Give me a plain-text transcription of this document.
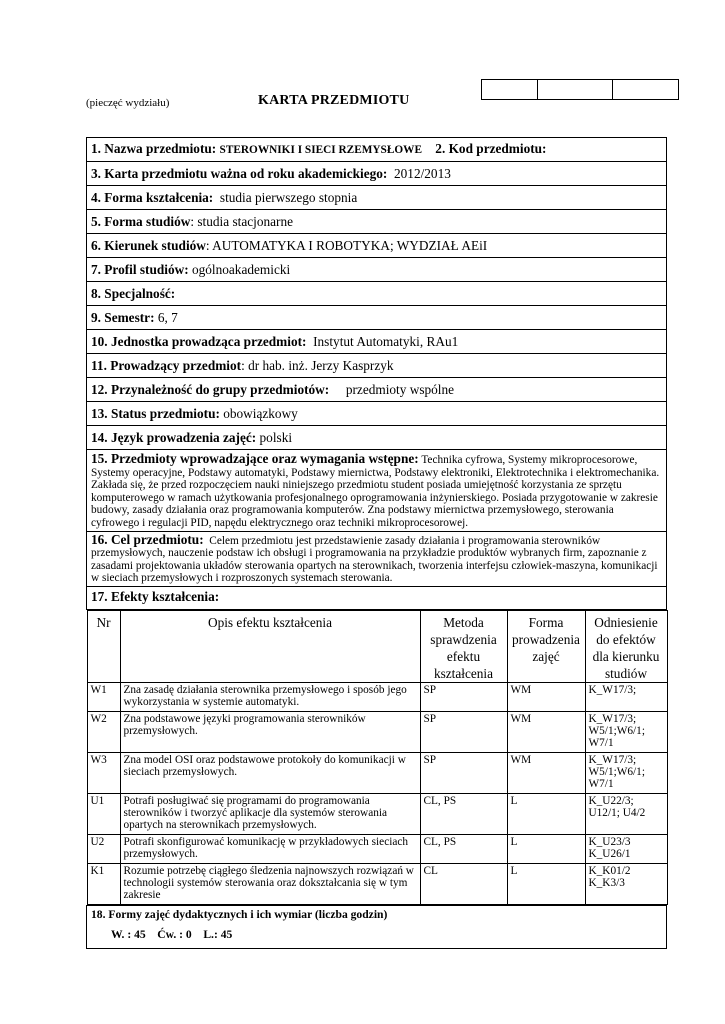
(pieczęć wydziału)	KARTA PRZEDMIOTU
1. Nazwa przedmiotu: STEROWNIKI I SIECI RZEMYSŁOWE 2. Kod przedmiotu:
3. Karta przedmiotu ważna od roku akademickiego: 2012/2013
4. Forma kształcenia: studia pierwszego stopnia
5. Forma studiów: studia stacjonarne
6. Kierunek studiów: AUTOMATYKA I ROBOTYKA; WYDZIAŁ AEiI
7. Profil studiów: ogólnoakademicki
8. Specjalność:
9. Semestr: 6, 7
10. Jednostka prowadząca przedmiot: Instytut Automatyki, RAu1
11. Prowadzący przedmiot: dr hab. inż. Jerzy Kasprzyk
12. Przynależność do grupy przedmiotów: przedmioty wspólne
13. Status przedmiotu: obowiązkowy
14. Język prowadzenia zajęć: polski

15. Przedmioty wprowadzające oraz wymagania wstępne: Technika cyfrowa, Systemy mikroprocesorowe, Systemy operacyjne, Podstawy automatyki, Podstawy miernictwa, Podstawy elektroniki, Elektrotechnika i elektromechanika. Zakłada się, że przed rozpoczęciem nauki niniejszego przedmiotu student posiada umiejętność korzystania ze sprzętu komputerowego w ramach użytkowania profesjonalnego oprogramowania inżynierskiego. Posiada przygotowanie w zakresie budowy, zasady działania oraz programowania komputerów. Zna podstawy miernictwa przemysłowego, sterowania cyfrowego i regulacji PID, napędu elektrycznego oraz techniki mikroprocesorowej.

16. Cel przedmiotu: Celem przedmiotu jest przedstawienie zasady działania i programowania sterowników przemysłowych, nauczenie podstaw ich obsługi i programowania na przykładzie produktów wybranych firm, zapoznanie z zasadami projektowania układów sterowania opartych na sterownikach, tworzenia interfejsu człowiek-maszyna, komunikacji w sieciach przemysłowych i rozproszonych systemach sterowania.

17. Efekty kształcenia:

Nr	Opis efektu kształcenia	Metoda sprawdzenia efektu kształcenia	Forma prowadzenia zajęć	Odniesienie do efektów dla kierunku studiów
W1	Zna zasadę działania sterownika przemysłowego i sposób jego wykorzystania w systemie automatyki.	SP	WM	K_W17/3;
W2	Zna podstawowe języki programowania sterowników przemysłowych.	SP	WM	K_W17/3; W5/1;W6/1; W7/1
W3	Zna model OSI oraz podstawowe protokoły do komunikacji w sieciach przemysłowych.	SP	WM	K_W17/3; W5/1;W6/1; W7/1
U1	Potrafi posługiwać się programami do programowania sterowników i tworzyć aplikacje dla systemów sterowania opartych na sterownikach przemysłowych.	CL, PS	L	K_U22/3; U12/1; U4/2
U2	Potrafi skonfigurować komunikację w przykładowych sieciach przemysłowych.	CL, PS	L	K_U23/3 K_U26/1
K1	Rozumie potrzebę ciągłego śledzenia najnowszych rozwiązań w technologii systemów sterowania oraz dokształcania się w tym zakresie	CL	L	K_K01/2 K_K3/3

18. Formy zajęć dydaktycznych i ich wymiar (liczba godzin)
W. : 45    Ćw. : 0    L.: 45
